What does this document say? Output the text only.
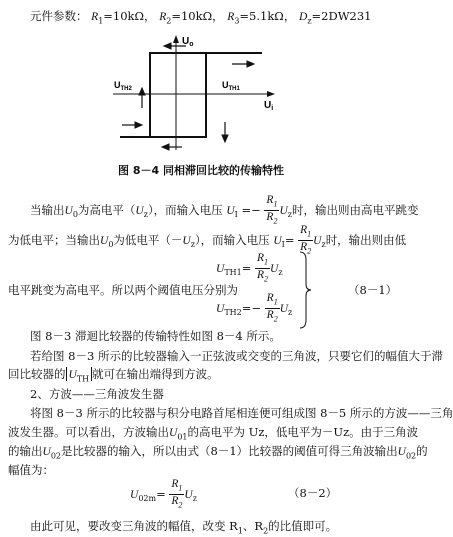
元件参数： $R_1=10k\Omega$， $R_2=10k\Omega$， $R_3=5.1k\Omega$， $D_z=2DW231$
$U_o$
$U_i$
$U_{TH2}$	$U_{TH1}$
图 8－4 同相滞回比较的传输特性
当输出$U_0$为高电平$(U_z)$，而输入电压 $U_I =- \frac{R_1}{R_2} U_z$时，输出则由高电平跳变
为低电平；当输出$U_0$为低电平$(-U_z)$，而输入电压 $U_I= \frac{R_1}{R_2} U_z$时，输出则由低
电平跳变为高电平。所以两个阈值电压分别为
$U_{TH1}= \frac{R_1}{R_2} U_z$
$U_{TH2}=- \frac{R_1}{R_2} U_z$
（8－1）
图 8－3 滞迴比较器的传输特性如图 8－4 所示。
若给图 8－3 所示的比较器输入一正弦波或交变的三角波，只要它们的幅值大于滞
回比较器的 $U_{TH}$ 就可在输出端得到方波。
2、方波——三角波发生器
将图 8－3 所示的比较器与积分电路首尾相连便可组成图 8－5 所示的方波——三角
波发生器。可以看出，方波输出$U_{01}$的高电平为 Uz，低电平为－Uz。由于三角波
的输出$U_{02}$是比较器的输入，所以由式（8－1）比较器的阈值可得三角波输出$U_{02}$的
幅值为：
$U_{02m}= \frac{R_1}{R_2} U_z$	（8－2）
由此可见，要改变三角波的幅值，改变 $R_1$、$R_2$的比值即可。
